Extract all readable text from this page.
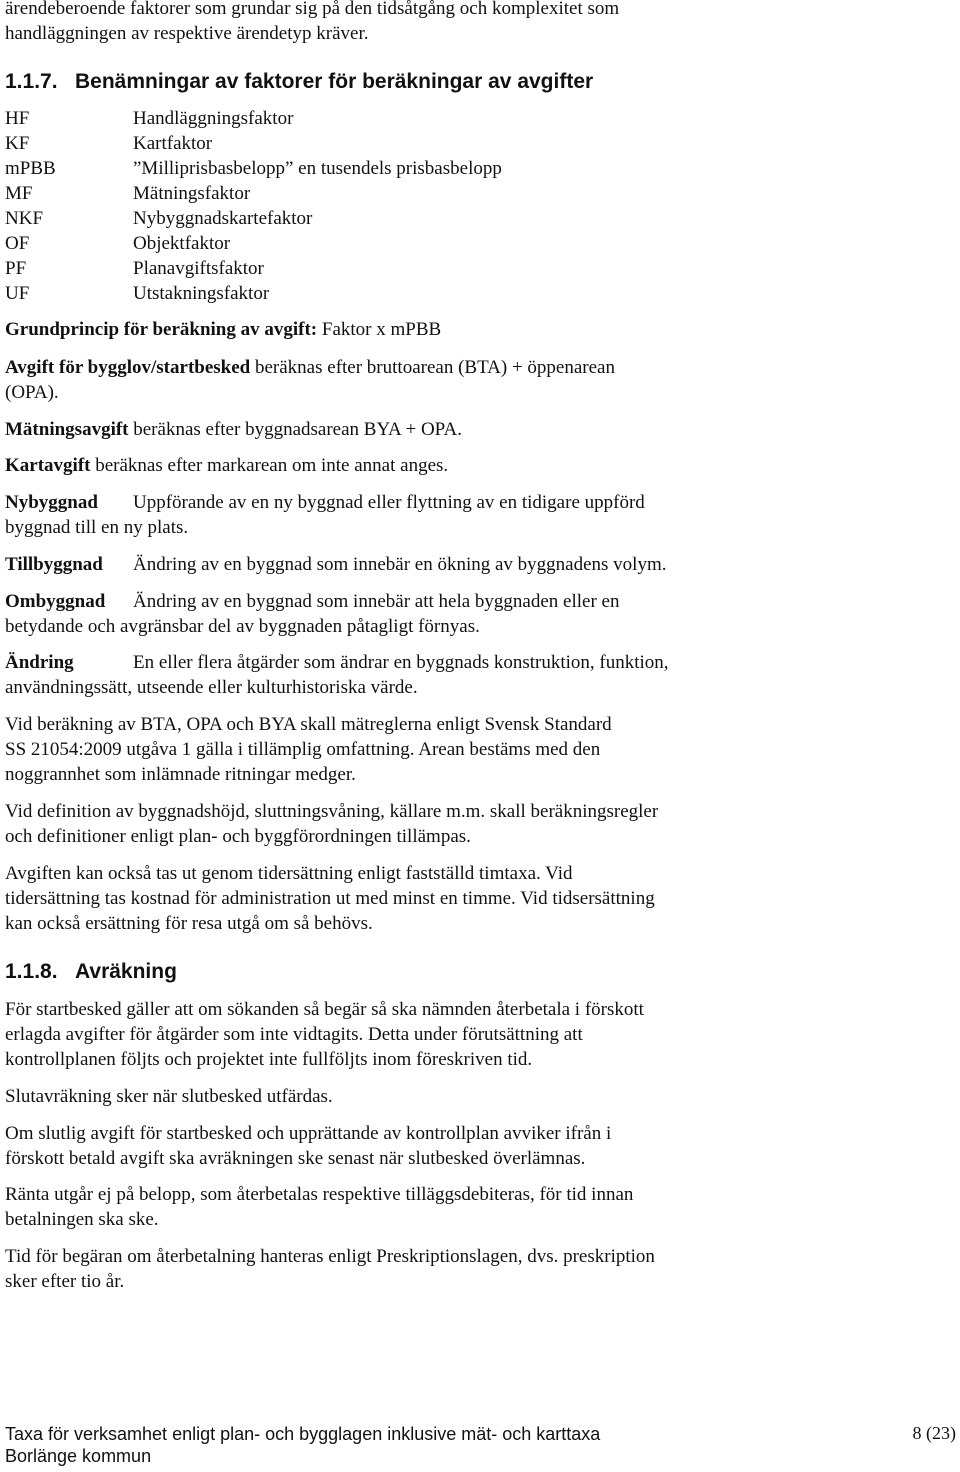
ärendeberoende faktorer som grundar sig på den tidsåtgång och komplexitet som
handläggningen av respektive ärendetyp kräver.

1.1.7. Benämningar av faktorer för beräkningar av avgifter
HF	Handläggningsfaktor
KF	Kartfaktor
mPBB	”Milliprisbasbelopp” en tusendels prisbasbelopp
MF	Mätningsfaktor
NKF	Nybyggnadskartefaktor
OF	Objektfaktor
PF	Planavgiftsfaktor
UF	Utstakningsfaktor

Grundprincip för beräkning av avgift: Faktor x mPBB

Avgift för bygglov/startbesked beräknas efter bruttoarean (BTA) + öppenarean
(OPA).

Mätningsavgift beräknas efter byggnadsarean BYA + OPA.

Kartavgift beräknas efter markarean om inte annat anges.

Nybyggnad Uppförande av en ny byggnad eller flyttning av en tidigare uppförd
byggnad till en ny plats.

Tillbyggnad Ändring av en byggnad som innebär en ökning av byggnadens volym.

Ombyggnad Ändring av en byggnad som innebär att hela byggnaden eller en
betydande och avgränsbar del av byggnaden påtagligt förnyas.

Ändring	En eller flera åtgärder som ändrar en byggnads konstruktion, funktion,
användningssätt, utseende eller kulturhistoriska värde.

Vid beräkning av BTA, OPA och BYA skall mätreglerna enligt Svensk Standard
SS 21054:2009 utgåva 1 gälla i tillämplig omfattning. Arean bestäms med den
noggrannhet som inlämnade ritningar medger.

Vid definition av byggnadshöjd, sluttningsvåning, källare m.m. skall beräkningsregler
och definitioner enligt plan- och byggförordningen tillämpas.

Avgiften kan också tas ut genom tidersättning enligt fastställd timtaxa. Vid
tidersättning tas kostnad för administration ut med minst en timme. Vid tidsersättning
kan också ersättning för resa utgå om så behövs.

1.1.8. Avräkning

För startbesked gäller att om sökanden så begär så ska nämnden återbetala i förskott
erlagda avgifter för åtgärder som inte vidtagits. Detta under förutsättning att
kontrollplanen följts och projektet inte fullföljts inom föreskriven tid.

Slutavräkning sker när slutbesked utfärdas.

Om slutlig avgift för startbesked och upprättande av kontrollplan avviker ifrån i
förskott betald avgift ska avräkningen ske senast när slutbesked överlämnas.

Ränta utgår ej på belopp, som återbetalas respektive tilläggsdebiteras, för tid innan
betalningen ska ske.

Tid för begäran om återbetalning hanteras enligt Preskriptionslagen, dvs. preskription
sker efter tio år.

Taxa för verksamhet enligt plan- och bygglagen inklusive mät- och karttaxa
Borlänge kommun
8 (23)
